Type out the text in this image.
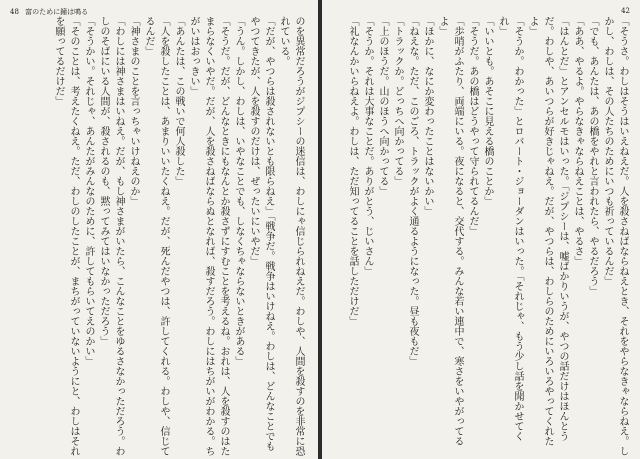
48 富のために鐘は鳴る
のを異常だろうがジプシーの迷信は、わしにゃ信じられねえだ。わしや、人間を殺すのを非常に恐れている。
「だが、やつらは殺されないとも限らねえ」「戦争だ。戦争はいけねえ。わしは、どんなことでもやつてきたが、人を殺すのだけは、ぜったいにいやだ」
「うん。しかし、わしは、いやなことでも、しなくちゃならないときがある」
「そうだ。だが、どんなときにもなんとか殺さずにすむことを考えるね。おれは、人を殺すのはたまらなくいやだ。だが、人を殺さねばならぬとなれば、殺すだろう。わしにはちがいがわかる。ちがいはおっきい」
「あんたは、この戦いで何人殺した」
「人を殺したことは、あまりいいたくねえ。だが、死んだやつは、許してくれる。わしや、信じてるんだ」
「神さまのことを言っちゃいけねえのか」
「わしには神さまはいねえ。だが、もし神さまがいたら、こんなことをゆるさなかっただろう。わしのそばにいる人間が、殺されるのも、黙ってみてはいなかっただろう」
「そうかい。それじゃ、あんたがみんなのために、許してもらいてえのかい」
「そのことは、考えたくねえ。ただ、わしのしたことが、まちがっていないようにと、わしはそれを願ってるだけだ」
42
「そうさ。わしはそうはいえねえだ。人を殺さねばならねえとき、それをやらなきゃならねえ。しかし、わしは、その人たちのためにいつも祈っているんだ」
「でも、あんたは、あの橋をやれと言われたら、やるだろう」
「ああ、やるよ。やらなきゃならねえことは、やるさ」
「はんとだ」とアンセルモはいった。「ジプシーは、嘘ばかりいうが、やつの話だけはほんとうだ。わしや、あいつらが好きじゃねえ。だが、やつらは、わしらのためにいろいろやってくれたよ」
「そうか。わかった」とロバート・ジョーダンはいった。「それじゃ、もう少し話を聞かせてくれ」
「いいとも。あそこに見える橋のことか」
「そうだ。あの橋はどうやって守られてるんだ」
「歩哨がふたり、両端にいる。夜になると、交代する。みんな若い連中で、寒さをいやがってるよ」
「ほかに、なにか変わったことはないかい」
「ねえな。ただ、このごろ、トラックがよく通るようになった。昼も夜もだ」
「トラックか。どっちへ向かってる」
「上のほうだ。山のほうへ向かってる」
「そうか。それは大事なことだ。ありがとう、じいさん」
「礼なんかいらねえよ。わしは、ただ知ってることを話しただけだ」
